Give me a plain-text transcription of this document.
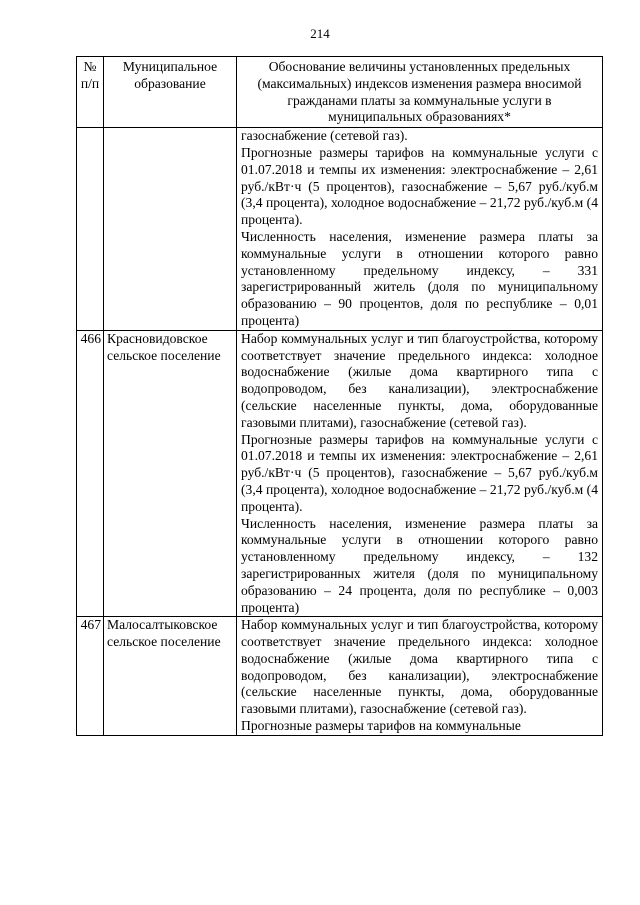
214
№ п/п	Муниципальное образование	Обоснование величины установленных предельных (максимальных) индексов изменения размера вносимой гражданами платы за коммунальные услуги в муниципальных образованиях*

		газоснабжение (сетевой газ).

Прогнозные размеры тарифов на коммунальные услуги с 01.07.2018 и темпы их изменения: электроснабжение – 2,61 руб./кВт·ч (5 процентов), газоснабжение – 5,67 руб./куб.м (3,4 процента), холодное водоснабжение – 21,72 руб./куб.м (4 процента).

Численность населения, изменение размера платы за коммунальные услуги в отношении которого равно установленному предельному индексу, – 331 зарегистрированный житель (доля по муниципальному образованию – 90 процентов, доля по республике – 0,01 процента)

466	Красновидовское сельское поселение	Набор коммунальных услуг и тип благоустройства, которому соответствует значение предельного индекса: холодное водоснабжение (жилые дома квартирного типа с водопроводом, без канализации), электроснабжение (сельские населенные пункты, дома, оборудованные газовыми плитами), газоснабжение (сетевой газ).

Прогнозные размеры тарифов на коммунальные услуги с 01.07.2018 и темпы их изменения: электроснабжение – 2,61 руб./кВт·ч (5 процентов), газоснабжение – 5,67 руб./куб.м (3,4 процента), холодное водоснабжение – 21,72 руб./куб.м (4 процента).

Численность населения, изменение размера платы за коммунальные услуги в отношении которого равно установленному предельному индексу, – 132 зарегистрированных жителя (доля по муниципальному образованию – 24 процента, доля по республике – 0,003 процента)

467	Малосалтыковское сельское поселение	Набор коммунальных услуг и тип благоустройства, которому соответствует значение предельного индекса: холодное водоснабжение (жилые дома квартирного типа с водопроводом, без канализации), электроснабжение (сельские населенные пункты, дома, оборудованные газовыми плитами), газоснабжение (сетевой газ).

Прогнозные размеры тарифов на коммунальные
